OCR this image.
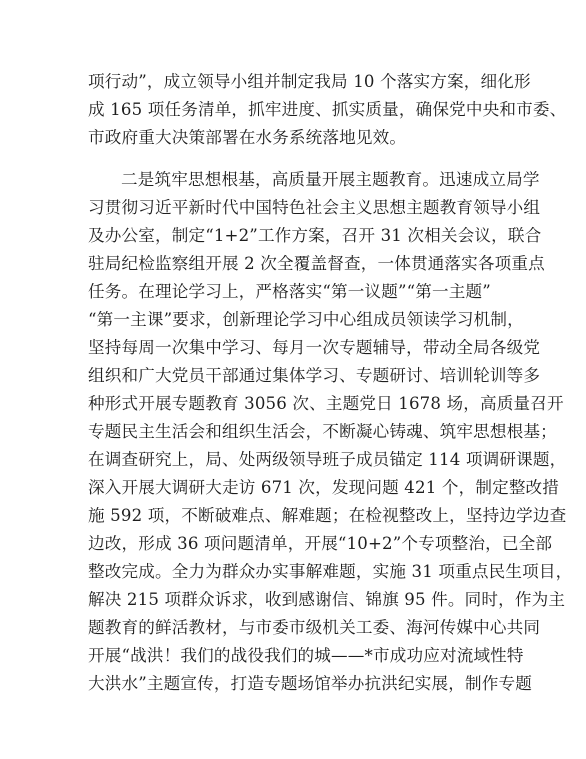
项行动”，成立领导小组并制定我局 10 个落实方案，细化形
成 165 项任务清单，抓牢进度、抓实质量，确保党中央和市委、
市政府重大决策部署在水务系统落地见效。
二是筑牢思想根基，高质量开展主题教育。迅速成立局学
习贯彻习近平新时代中国特色社会主义思想主题教育领导小组
及办公室，制定“1+2”工作方案，召开 31 次相关会议，联合
驻局纪检监察组开展 2 次全覆盖督查，一体贯通落实各项重点
任务。在理论学习上，严格落实“第一议题”“第一主题”
“第一主课”要求，创新理论学习中心组成员领读学习机制，
坚持每周一次集中学习、每月一次专题辅导，带动全局各级党
组织和广大党员干部通过集体学习、专题研讨、培训轮训等多
种形式开展专题教育 3056 次、主题党日 1678 场，高质量召开
专题民主生活会和组织生活会，不断凝心铸魂、筑牢思想根基；
在调查研究上，局、处两级领导班子成员锚定 114 项调研课题，
深入开展大调研大走访 671 次，发现问题 421 个，制定整改措
施 592 项，不断破难点、解难题；在检视整改上，坚持边学边查
边改，形成 36 项问题清单，开展“10+2”个专项整治，已全部
整改完成。全力为群众办实事解难题，实施 31 项重点民生项目，
解决 215 项群众诉求，收到感谢信、锦旗 95 件。同时，作为主
题教育的鲜活教材，与市委市级机关工委、海河传媒中心共同
开展“战洪！我们的战役我们的城——*市成功应对流域性特
大洪水”主题宣传，打造专题场馆举办抗洪纪实展，制作专题
